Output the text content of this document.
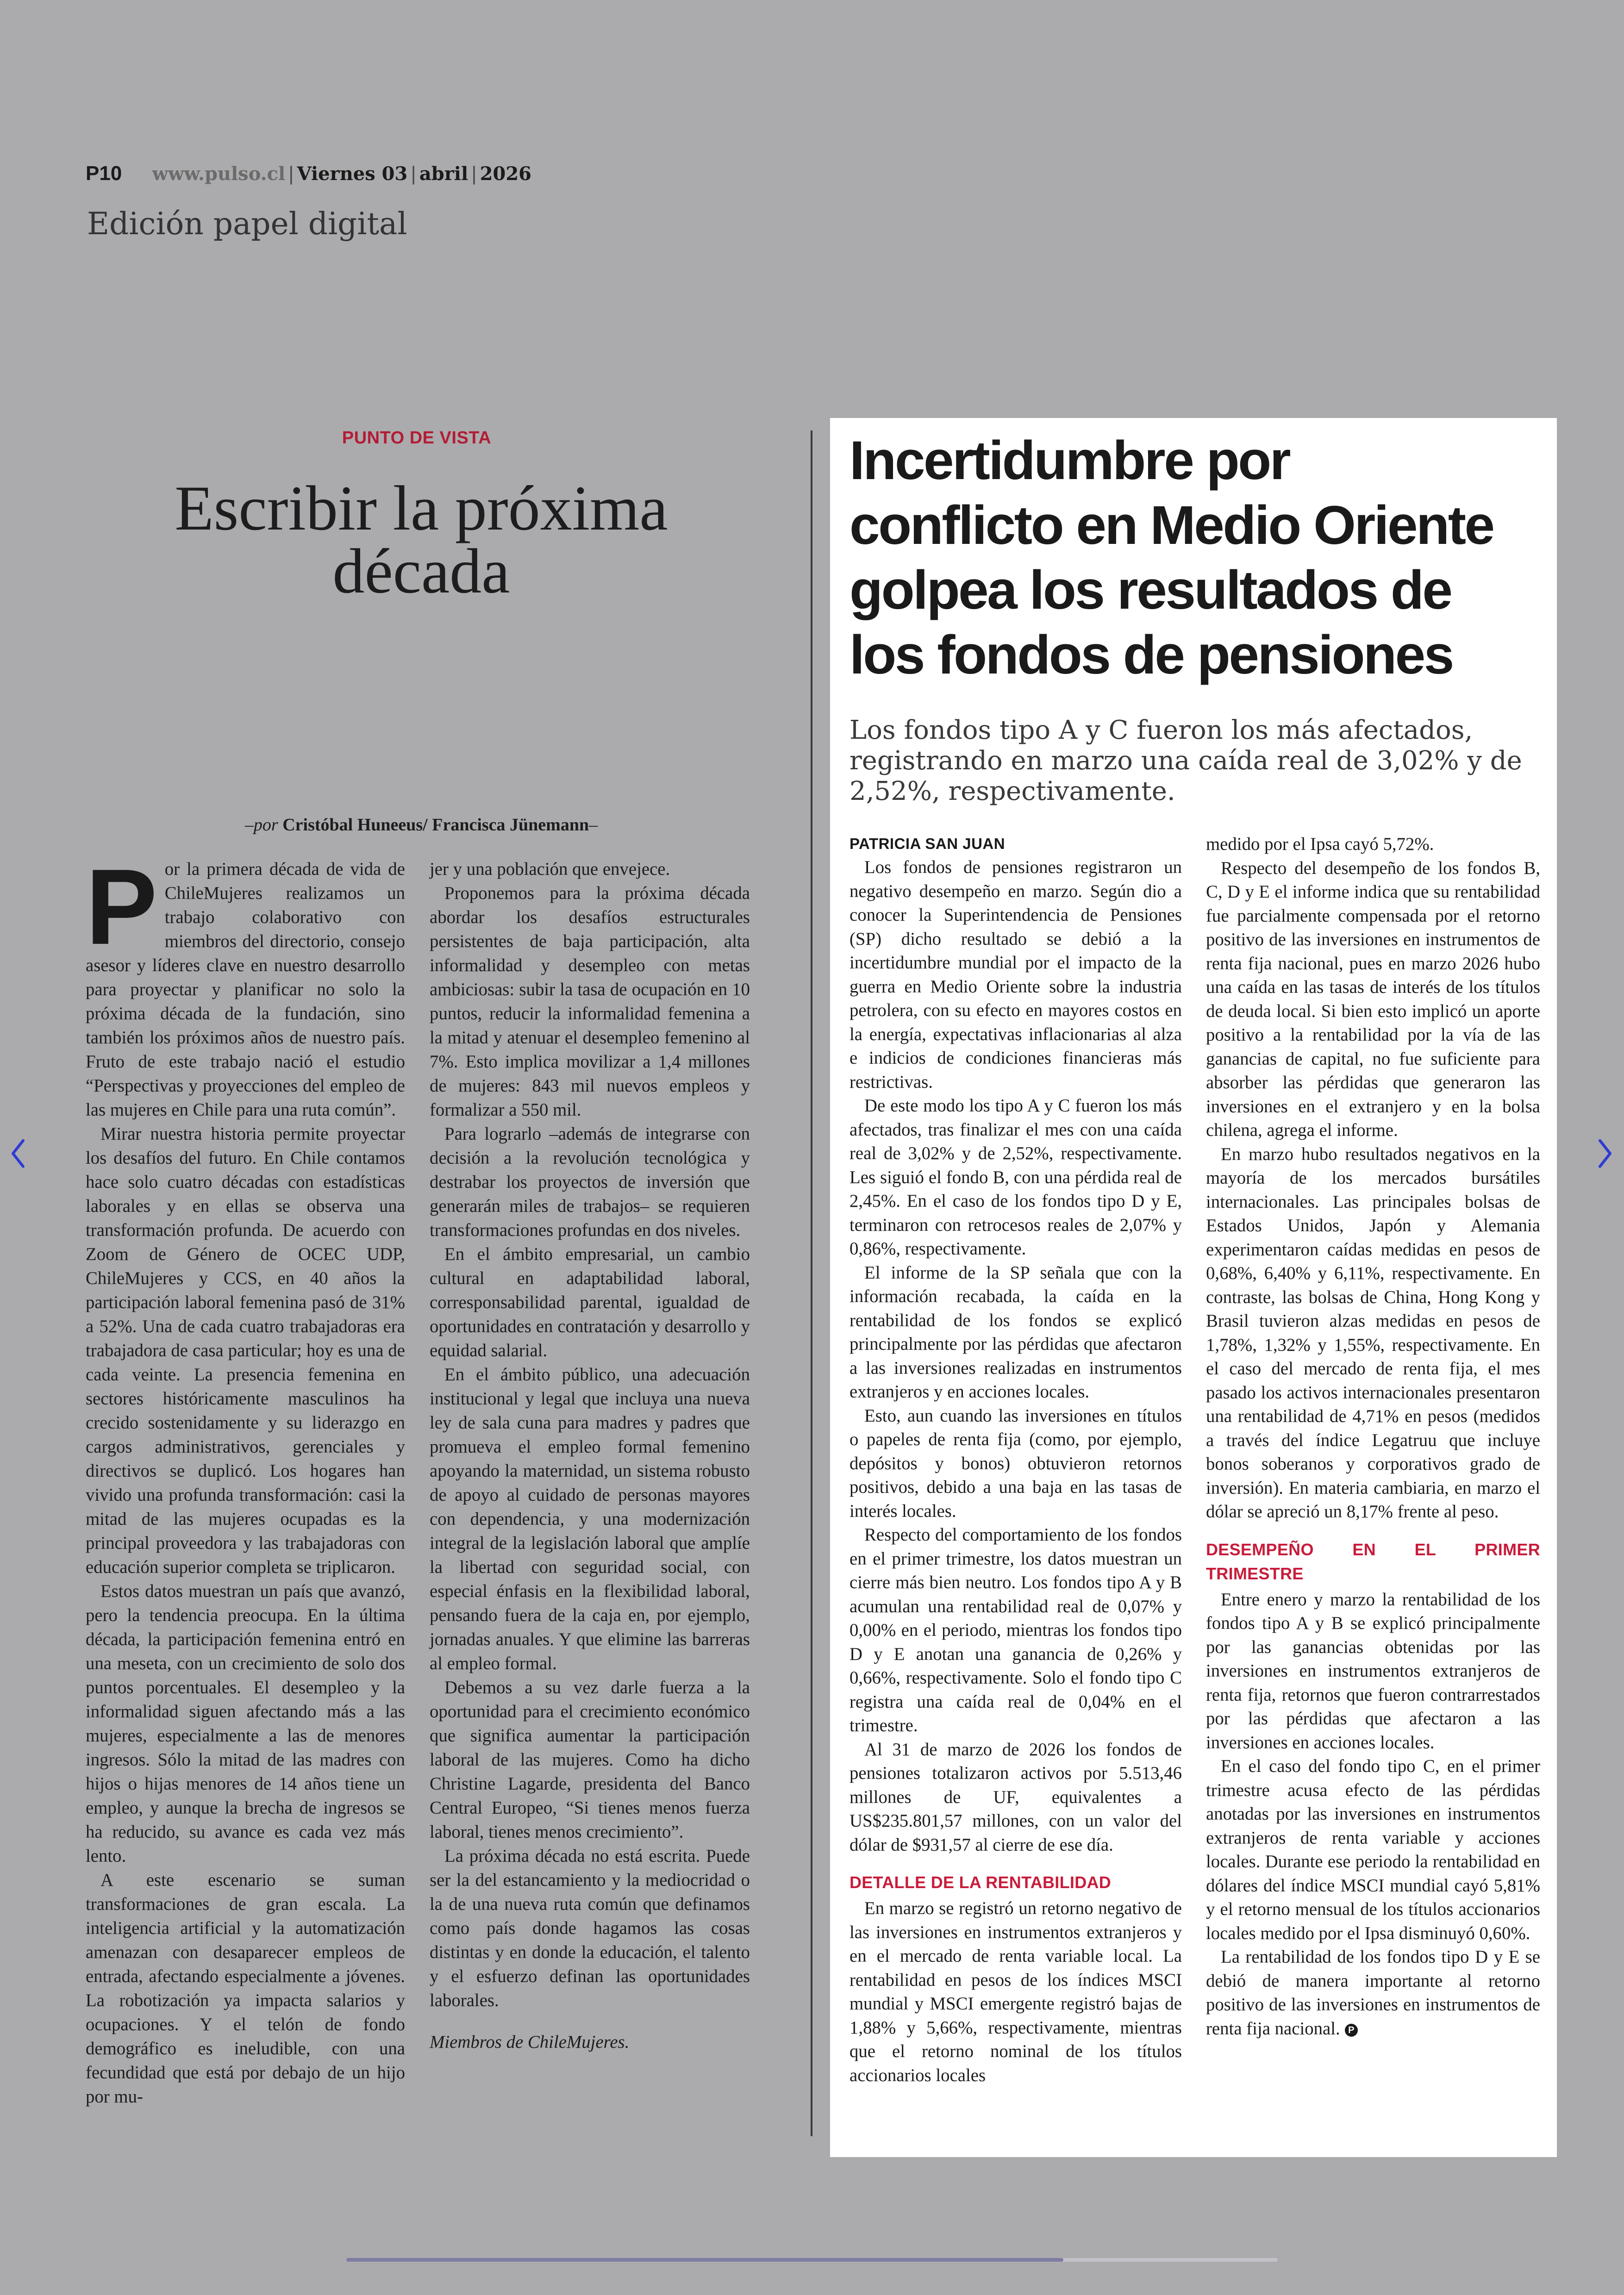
P10 www.pulso.cl | Viernes 03 | abril | 2026
Edición papel digital
PUNTO DE VISTA
Escribir la próxima década
–por Cristóbal Huneeus/ Francisca Jünemann–

Por la primera década de vida de ChileMujeres realizamos un trabajo colaborativo con miembros del directorio, consejo asesor y líderes clave en nuestro desarrollo para proyectar y planificar no solo la próxima década de la fundación, sino también los próximos años de nuestro país. Fruto de este trabajo nació el estudio “Perspectivas y proyecciones del empleo de las mujeres en Chile para una ruta común”.

Mirar nuestra historia permite proyectar los desafíos del futuro. En Chile contamos hace solo cuatro décadas con estadísticas laborales y en ellas se observa una transformación profunda. De acuerdo con Zoom de Género de OCEC UDP, ChileMujeres y CCS, en 40 años la participación laboral femenina pasó de 31% a 52%. Una de cada cuatro trabajadoras era trabajadora de casa particular; hoy es una de cada veinte. La presencia femenina en sectores históricamente masculinos ha crecido sostenidamente y su liderazgo en cargos administrativos, gerenciales y directivos se duplicó. Los hogares han vivido una profunda transformación: casi la mitad de las mujeres ocupadas es la principal proveedora y las trabajadoras con educación superior completa se triplicaron.

Estos datos muestran un país que avanzó, pero la tendencia preocupa. En la última década, la participación femenina entró en una meseta, con un crecimiento de solo dos puntos porcentuales. El desempleo y la informalidad siguen afectando más a las mujeres, especialmente a las de menores ingresos. Sólo la mitad de las madres con hijos o hijas menores de 14 años tiene un empleo, y aunque la brecha de ingresos se ha reducido, su avance es cada vez más lento.

A este escenario se suman transformaciones de gran escala. La inteligencia artificial y la automatización amenazan con desaparecer empleos de entrada, afectando especialmente a jóvenes. La robotización ya impacta salarios y ocupaciones. Y el telón de fondo demográfico es ineludible, con una fecundidad que está por debajo de un hijo por mu-

jer y una población que envejece.

Proponemos para la próxima década abordar los desafíos estructurales persistentes de baja participación, alta informalidad y desempleo con metas ambiciosas: subir la tasa de ocupación en 10 puntos, reducir la informalidad femenina a la mitad y atenuar el desempleo femenino al 7%. Esto implica movilizar a 1,4 millones de mujeres: 843 mil nuevos empleos y formalizar a 550 mil.

Para lograrlo –además de integrarse con decisión a la revolución tecnológica y destrabar los proyectos de inversión que generarán miles de trabajos– se requieren transformaciones profundas en dos niveles.

En el ámbito empresarial, un cambio cultural en adaptabilidad laboral, corresponsabilidad parental, igualdad de oportunidades en contratación y desarrollo y equidad salarial.

En el ámbito público, una adecuación institucional y legal que incluya una nueva ley de sala cuna para madres y padres que promueva el empleo formal femenino apoyando la maternidad, un sistema robusto de apoyo al cuidado de personas mayores con dependencia, y una modernización integral de la legislación laboral que amplíe la libertad con seguridad social, con especial énfasis en la flexibilidad laboral, pensando fuera de la caja en, por ejemplo, jornadas anuales. Y que elimine las barreras al empleo formal.

Debemos a su vez darle fuerza a la oportunidad para el crecimiento económico que significa aumentar la participación laboral de las mujeres. Como ha dicho Christine Lagarde, presidenta del Banco Central Europeo, “Si tienes menos fuerza laboral, tienes menos crecimiento”.

La próxima década no está escrita. Puede ser la del estancamiento y la mediocridad o la de una nueva ruta común que definamos como país donde hagamos las cosas distintas y en donde la educación, el talento y el esfuerzo definan las oportunidades laborales.

Miembros de ChileMujeres.

Incertidumbre por
conflicto en Medio Oriente
golpea los resultados de
los fondos de pensiones
Los fondos tipo A y C fueron los más afectados, registrando en marzo una caída real de 3,02% y de 2,52%, respectivamente.
PATRICIA SAN JUAN

Los fondos de pensiones registraron un negativo desempeño en marzo. Según dio a conocer la Superintendencia de Pensiones (SP) dicho resultado se debió a la incertidumbre mundial por el impacto de la guerra en Medio Oriente sobre la industria petrolera, con su efecto en mayores costos en la energía, expectativas inflacionarias al alza e indicios de condiciones financieras más restrictivas.

De este modo los tipo A y C fueron los más afectados, tras finalizar el mes con una caída real de 3,02% y de 2,52%, respectivamente. Les siguió el fondo B, con una pérdida real de 2,45%. En el caso de los fondos tipo D y E, terminaron con retrocesos reales de 2,07% y 0,86%, respectivamente.

El informe de la SP señala que con la información recabada, la caída en la rentabilidad de los fondos se explicó principalmente por las pérdidas que afectaron a las inversiones realizadas en instrumentos extranjeros y en acciones locales.

Esto, aun cuando las inversiones en títulos o papeles de renta fija (como, por ejemplo, depósitos y bonos) obtuvieron retornos positivos, debido a una baja en las tasas de interés locales.

Respecto del comportamiento de los fondos en el primer trimestre, los datos muestran un cierre más bien neutro. Los fondos tipo A y B acumulan una rentabilidad real de 0,07% y 0,00% en el periodo, mientras los fondos tipo D y E anotan una ganancia de 0,26% y 0,66%, respectivamente. Solo el fondo tipo C registra una caída real de 0,04% en el trimestre.

Al 31 de marzo de 2026 los fondos de pensiones totalizaron activos por 5.513,46 millones de UF, equivalentes a US$235.801,57 millones, con un valor del dólar de $931,57 al cierre de ese día.

DETALLE DE LA RENTABILIDAD

En marzo se registró un retorno negativo de las inversiones en instrumentos extranjeros y en el mercado de renta variable local. La rentabilidad en pesos de los índices MSCI mundial y MSCI emergente registró bajas de 1,88% y 5,66%, respectivamente, mientras que el retorno nominal de los títulos accionarios locales

medido por el Ipsa cayó 5,72%.

Respecto del desempeño de los fondos B, C, D y E el informe indica que su rentabilidad fue parcialmente compensada por el retorno positivo de las inversiones en instrumentos de renta fija nacional, pues en marzo 2026 hubo una caída en las tasas de interés de los títulos de deuda local. Si bien esto implicó un aporte positivo a la rentabilidad por la vía de las ganancias de capital, no fue suficiente para absorber las pérdidas que generaron las inversiones en el extranjero y en la bolsa chilena, agrega el informe.

En marzo hubo resultados negativos en la mayoría de los mercados bursátiles internacionales. Las principales bolsas de Estados Unidos, Japón y Alemania experimentaron caídas medidas en pesos de 0,68%, 6,40% y 6,11%, respectivamente. En contraste, las bolsas de China, Hong Kong y Brasil tuvieron alzas medidas en pesos de 1,78%, 1,32% y 1,55%, respectivamente. En el caso del mercado de renta fija, el mes pasado los activos internacionales presentaron una rentabilidad de 4,71% en pesos (medidos a través del índice Legatruu que incluye bonos soberanos y corporativos grado de inversión). En materia cambiaria, en marzo el dólar se apreció un 8,17% frente al peso.

DESEMPEÑO EN EL PRIMER TRIMESTRE

Entre enero y marzo la rentabilidad de los fondos tipo A y B se explicó principalmente por las ganancias obtenidas por las inversiones en instrumentos extranjeros de renta fija, retornos que fueron contrarrestados por las pérdidas que afectaron a las inversiones en acciones locales.

En el caso del fondo tipo C, en el primer trimestre acusa efecto de las pérdidas anotadas por las inversiones en instrumentos extranjeros de renta variable y acciones locales. Durante ese periodo la rentabilidad en dólares del índice MSCI mundial cayó 5,81% y el retorno mensual de los títulos accionarios locales medido por el Ipsa disminuyó 0,60%.

La rentabilidad de los fondos tipo D y E se debió de manera importante al retorno positivo de las inversiones en instrumentos de renta fija nacional. P
